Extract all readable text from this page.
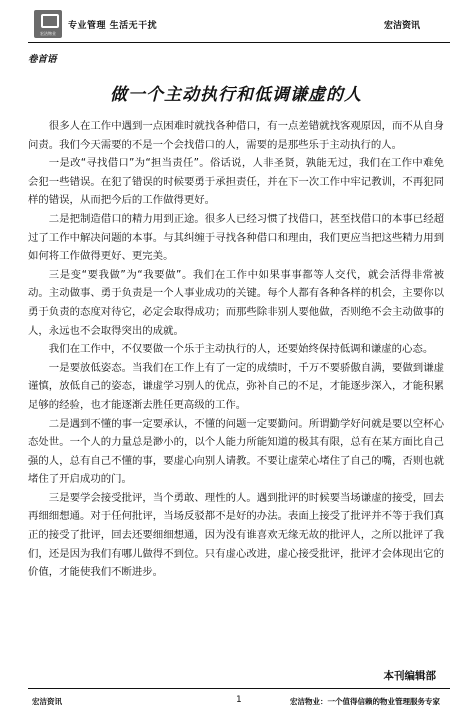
宏洁物业
专业管理 生活无干扰	宏洁资讯
卷首语
做一个主动执行和低调谦虚的人

很多人在工作中遇到一点困难时就找各种借口，有一点差错就找客观原因，而不从自身问责。我们今天需要的不是一个会找借口的人，需要的是那些乐于主动执行的人。

一是改“寻找借口”为“担当责任”。俗话说，人非圣贤，孰能无过，我们在工作中难免会犯一些错误。在犯了错误的时候要勇于承担责任，并在下一次工作中牢记教训，不再犯同样的错误，从而把今后的工作做得更好。

二是把制造借口的精力用到正途。很多人已经习惯了找借口，甚至找借口的本事已经超过了工作中解决问题的本事。与其纠缠于寻找各种借口和理由，我们更应当把这些精力用到如何将工作做得更好、更完美。

三是变“要我做”为“我要做”。我们在工作中如果事事都等人交代，就会活得非常被动。主动做事、勇于负责是一个人事业成功的关键。每个人都有各种各样的机会，主要你以勇于负责的态度对待它，必定会取得成功；而那些除非别人要他做，否则绝不会主动做事的人，永远也不会取得突出的成就。

我们在工作中，不仅要做一个乐于主动执行的人，还要始终保持低调和谦虚的心态。

一是要放低姿态。当我们在工作上有了一定的成绩时，千万不要骄傲自满，要做到谦虚谨慎，放低自己的姿态，谦虚学习别人的优点，弥补自己的不足，才能逐步深入，才能积累足够的经验，也才能逐渐去胜任更高级的工作。

二是遇到不懂的事一定要承认，不懂的问题一定要勤问。所谓勤学好问就是要以空杯心态处世。一个人的力量总是渺小的，以个人能力所能知道的极其有限，总有在某方面比自己强的人，总有自己不懂的事，要虚心向别人请教。不要让虚荣心堵住了自己的嘴，否则也就堵住了开启成功的门。

三是要学会接受批评，当个勇敢、理性的人。遇到批评的时候要当场谦虚的接受，回去再细细想通。对于任何批评，当场反驳都不是好的办法。表面上接受了批评并不等于我们真正的接受了批评，回去还要细细想通，因为没有谁喜欢无缘无故的批评人，之所以批评了我们，还是因为我们有哪儿做得不到位。只有虚心改进，虚心接受批评，批评才会体现出它的价值，才能使我们不断进步。

本刊编辑部
宏洁资讯	1	宏洁物业：一个值得信赖的物业管理服务专家
